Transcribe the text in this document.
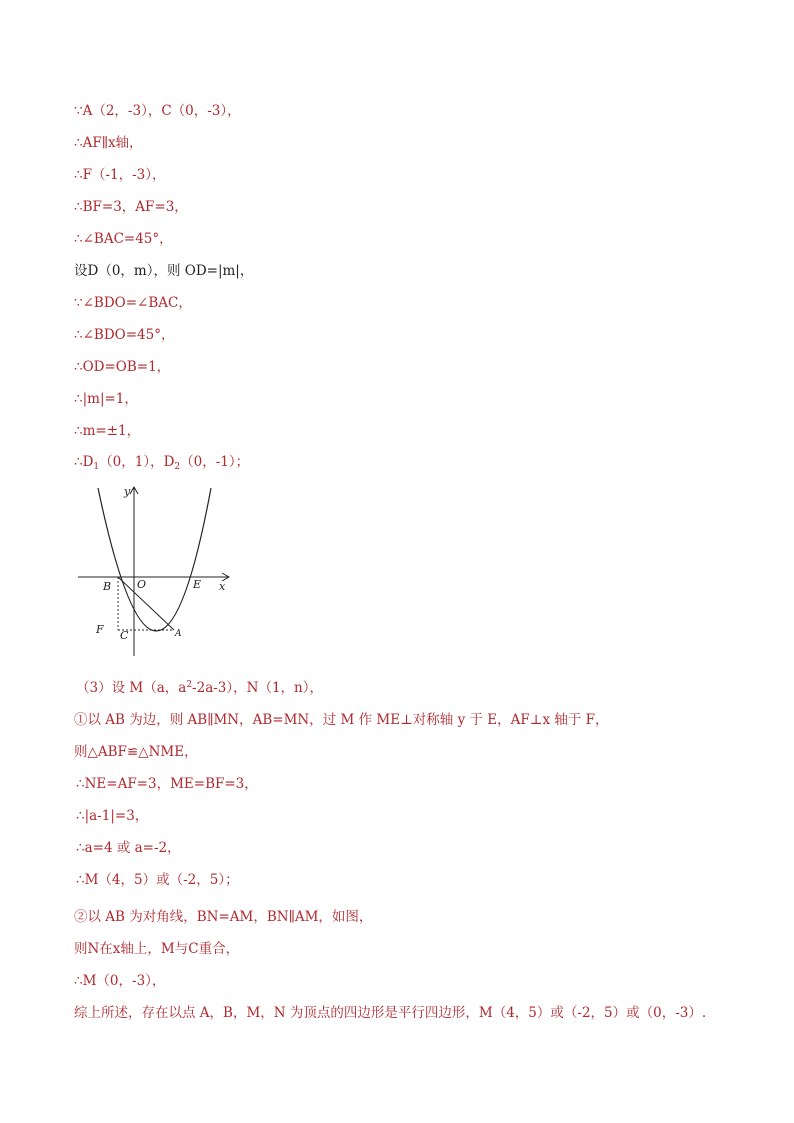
∵A（2，-3），C（0，-3），
∴AF∥x轴，
∴F（-1，-3），
∴BF=3，AF=3，
∴∠BAC=45°，
设D（0，m），则 OD=|m|，
∵∠BDO=∠BAC，
∴∠BDO=45°，
∴OD=OB=1，
∴|m|=1，
∴m=±1，
$\therefore D_1(0$，1），$D_2(0$，-1）；
y
x
B O	E
F C	A
（3）设 M（a，$a^2-2a-3$），N（1，n），
①以 AB 为边，则 AB∥MN，AB=MN，过 M 作 ME⊥对称轴 y 于 E，AF⊥x 轴于 F，
则△ABF≌△NME，
∴NE=AF=3，ME=BF=3，
∴|a-1|=3，
∴a=4 或 a=-2，
∴M（4，5）或（-2，5）；
②以 AB 为对角线，BN=AM，BN∥AM，如图，
则N在x轴上，M与C重合，
∴M（0，-3），
综上所述，存在以点 A，B，M，N 为顶点的四边形是平行四边形，M（4，5）或（-2，5）或（0，-3）.
